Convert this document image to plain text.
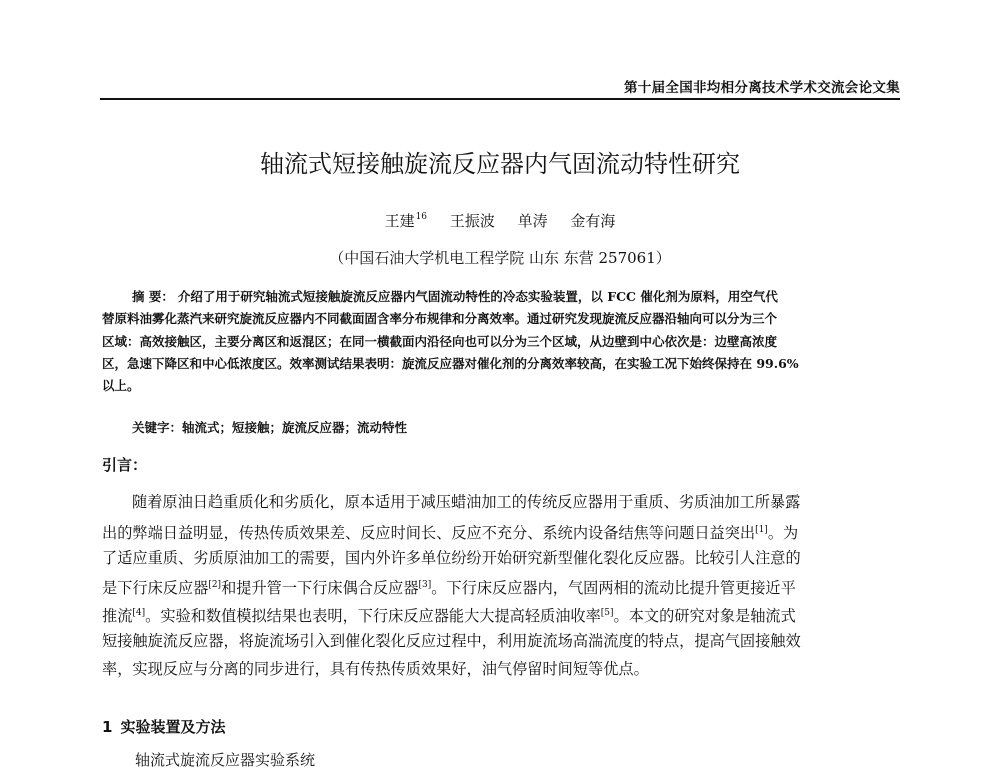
第十届全国非均相分离技术学术交流会论文集
轴流式短接触旋流反应器内气固流动特性研究
王建$^{16}$ 王振波 单涛 金有海
（中国石油大学机电工程学院 山东 东营 257061）
摘 要： 介绍了用于研究轴流式短接触旋流反应器内气固流动特性的冷态实验装置，以 FCC 催化剂为原料，用空气代
替原料油雾化蒸汽来研究旋流反应器内不同截面固含率分布规律和分离效率。通过研究发现旋流反应器沿轴向可以分为三个
区域：高效接触区，主要分离区和返混区；在同一横截面内沿径向也可以分为三个区域，从边壁到中心依次是：边壁高浓度
区，急速下降区和中心低浓度区。效率测试结果表明：旋流反应器对催化剂的分离效率较高，在实验工况下始终保持在 99.6%
以上。
关键字：轴流式；短接触；旋流反应器；流动特性
引言：
随着原油日趋重质化和劣质化，原本适用于减压蜡油加工的传统反应器用于重质、劣质油加工所暴露
出的弊端日益明显，传热传质效果差、反应时间长、反应不充分、系统内设备结焦等问题日益突出[1]。为
了适应重质、劣质原油加工的需要，国内外许多单位纷纷开始研究新型催化裂化反应器。比较引人注意的
是下行床反应器[2]和提升管一下行床偶合反应器[3]。下行床反应器内，气固两相的流动比提升管更接近平
推流[4]。实验和数值模拟结果也表明，下行床反应器能大大提高轻质油收率[5]。本文的研究对象是轴流式
短接触旋流反应器，将旋流场引入到催化裂化反应过程中，利用旋流场高湍流度的特点，提高气固接触效
率，实现反应与分离的同步进行，具有传热传质效果好，油气停留时间短等优点。
1 实验装置及方法
轴流式旋流反应器实验系统
